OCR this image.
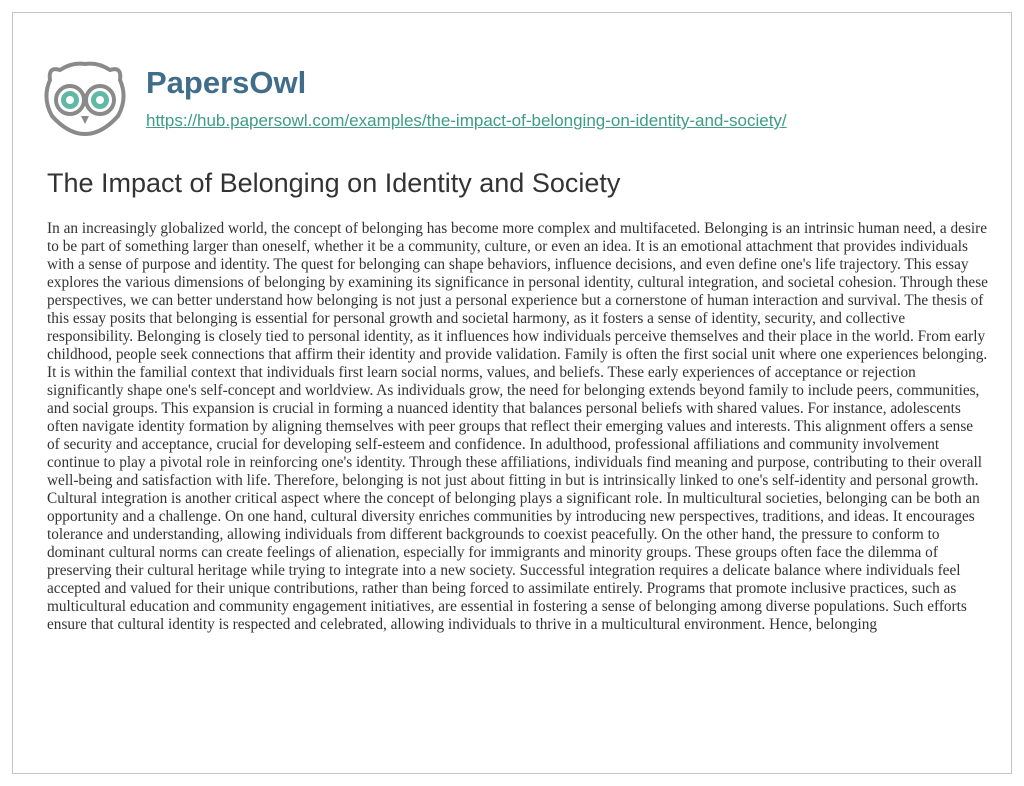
PapersOwl
https://hub.papersowl.com/examples/the-impact-of-belonging-on-identity-and-society/
The Impact of Belonging on Identity and Society

In an increasingly globalized world, the concept of belonging has become more complex and multifaceted. Belonging is an intrinsic human need, a desire to be part of something larger than oneself, whether it be a community, culture, or even an idea. It is an emotional attachment that provides individuals with a sense of purpose and identity. The quest for belonging can shape behaviors, influence decisions, and even define one's life trajectory. This essay explores the various dimensions of belonging by examining its significance in personal identity, cultural integration, and societal cohesion. Through these perspectives, we can better understand how belonging is not just a personal experience but a cornerstone of human interaction and survival. The thesis of this essay posits that belonging is essential for personal growth and societal harmony, as it fosters a sense of identity, security, and collective responsibility. Belonging is closely tied to personal identity, as it influences how individuals perceive themselves and their place in the world. From early childhood, people seek connections that affirm their identity and provide validation. Family is often the first social unit where one experiences belonging. It is within the familial context that individuals first learn social norms, values, and beliefs. These early experiences of acceptance or rejection significantly shape one's self-concept and worldview. As individuals grow, the need for belonging extends beyond family to include peers, communities, and social groups. This expansion is crucial in forming a nuanced identity that balances personal beliefs with shared values. For instance, adolescents often navigate identity formation by aligning themselves with peer groups that reflect their emerging values and interests. This alignment offers a sense of security and acceptance, crucial for developing self-esteem and confidence. In adulthood, professional affiliations and community involvement continue to play a pivotal role in reinforcing one's identity. Through these affiliations, individuals find meaning and purpose, contributing to their overall well-being and satisfaction with life. Therefore, belonging is not just about fitting in but is intrinsically linked to one's self-identity and personal growth. Cultural integration is another critical aspect where the concept of belonging plays a significant role. In multicultural societies, belonging can be both an opportunity and a challenge. On one hand, cultural diversity enriches communities by introducing new perspectives, traditions, and ideas. It encourages tolerance and understanding, allowing individuals from different backgrounds to coexist peacefully. On the other hand, the pressure to conform to dominant cultural norms can create feelings of alienation, especially for immigrants and minority groups. These groups often face the dilemma of preserving their cultural heritage while trying to integrate into a new society. Successful integration requires a delicate balance where individuals feel accepted and valued for their unique contributions, rather than being forced to assimilate entirely. Programs that promote inclusive practices, such as multicultural education and community engagement initiatives, are essential in fostering a sense of belonging among diverse populations. Such efforts ensure that cultural identity is respected and celebrated, allowing individuals to thrive in a multicultural environment. Hence, belonging
